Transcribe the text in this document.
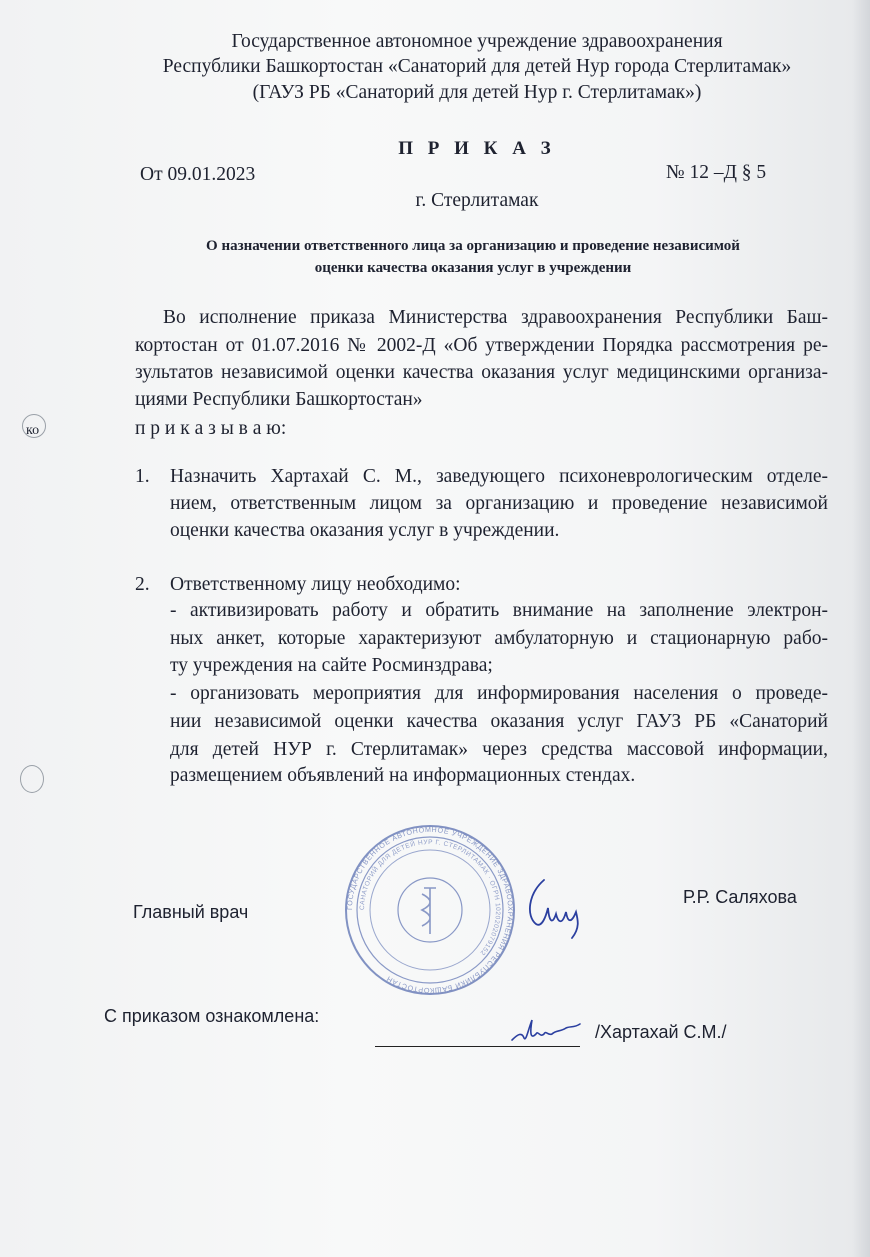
ко
Государственное автономное учреждение здравоохранения
Республики Башкортостан «Санаторий для детей Нур города Стерлитамак»
(ГАУЗ РБ «Санаторий для детей Нур г. Стерлитамак»)
П Р И К А З
От 09.01.2023	№ 12 –Д § 5
г. Стерлитамак
О назначении ответственного лица за организацию и проведение независимой
оценки качества оказания услуг в учреждении
Во исполнение приказа Министерства здравоохранения Республики Баш-
кортостан от 01.07.2016 № 2002-Д «Об утверждении Порядка рассмотрения ре-
зультатов независимой оценки качества оказания услуг медицинскими организа-
циями Республики Башкортостан»
п р и к а з ы в а ю:
1. Назначить Хартахай С. М., заведующего психоневрологическим отделе-
нием, ответственным лицом за организацию и проведение независимой
оценки качества оказания услуг в учреждении.
2. Ответственному лицу необходимо:
- активизировать работу и обратить внимание на заполнение электрон-
ных анкет, которые характеризуют амбулаторную и стационарную рабо-
ту учреждения на сайте Росминздрава;
- организовать мероприятия для информирования населения о проведе-
нии независимой оценки качества оказания услуг ГАУЗ РБ «Санаторий
для детей НУР г. Стерлитамак» через средства массовой информации,
размещением объявлений на информационных стендах.
ГОСУДАРСТВЕННОЕ АВТОНОМНОЕ УЧРЕЖДЕНИЕ ЗДРАВООХРАНЕНИЯ РЕСПУБЛИКИ БАШКОРТОСТАН
САНАТОРИЙ ДЛЯ ДЕТЕЙ НУР Г. СТЕРЛИТАМАК · ОГРН 1020202079152
Главный врач
Р.Р. Саляхова
С приказом ознакомлена:
/Хартахай С.М./
